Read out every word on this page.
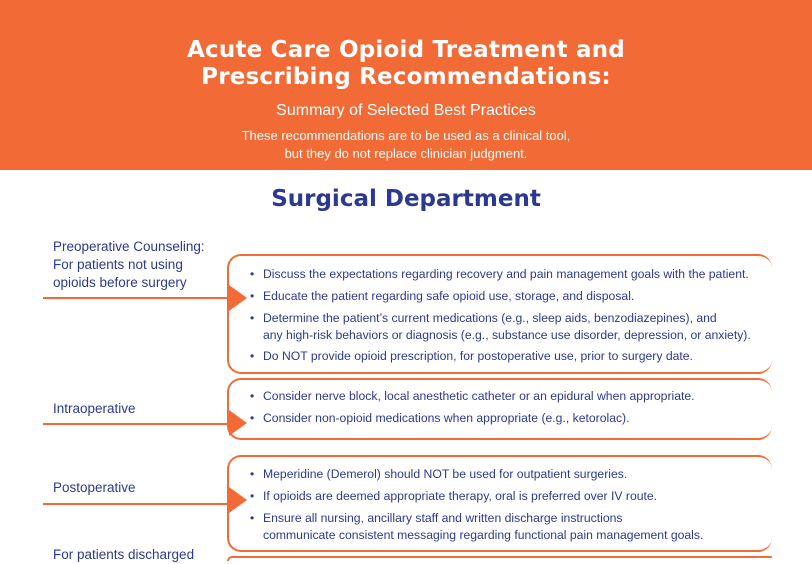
Acute Care Opioid Treatment and
Prescribing Recommendations:
Summary of Selected Best Practices
These recommendations are to be used as a clinical tool,
but they do not replace clinician judgment.
Surgical Department
Preoperative Counseling:
For patients not using
opioids before surgery
• Discuss the expectations regarding recovery and pain management goals with the patient.
• Educate the patient regarding safe opioid use, storage, and disposal.
• Determine the patient’s current medications (e.g., sleep aids, benzodiazepines), and
any high-risk behaviors or diagnosis (e.g., substance use disorder, depression, or anxiety).
• Do NOT provide opioid prescription, for postoperative use, prior to surgery date.
Intraoperative
• Consider nerve block, local anesthetic catheter or an epidural when appropriate.
• Consider non-opioid medications when appropriate (e.g., ketorolac).
Postoperative
• Meperidine (Demerol) should NOT be used for outpatient surgeries.
• If opioids are deemed appropriate therapy, oral is preferred over IV route.
• Ensure all nursing, ancillary staff and written discharge instructions
communicate consistent messaging regarding functional pain management goals.
For patients discharged
